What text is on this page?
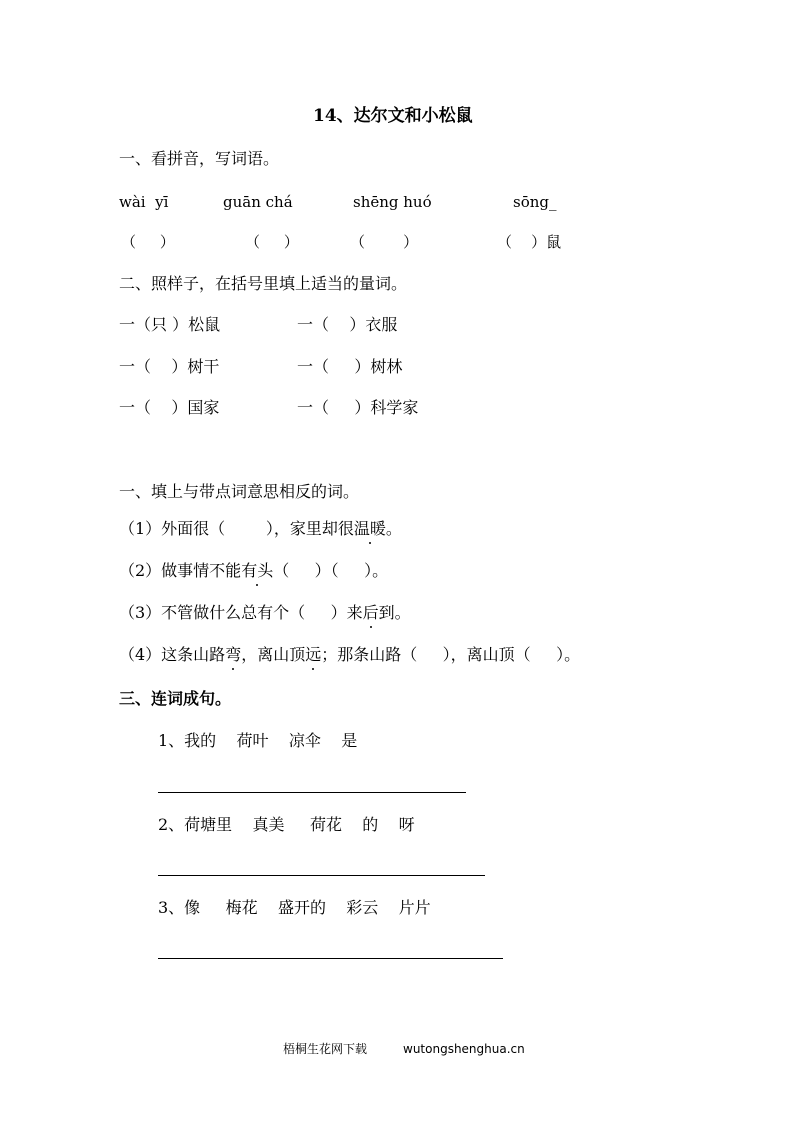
14、达尔文和小松鼠
一、看拼音，写词语。
wài  yī	guān chá	shēng huó	sōng_
（     ）	（     ）	（        ）	（    ）鼠
二、照样子，在括号里填上适当的量词。
一（只 ）松鼠	一（    ）衣服
一（    ）树干	一（     ）树林
一（    ）国家	一（     ）科学家
一、填上与带点词意思相反的词。
（1）外面很（        ），家里却很温暖。
（2）做事情不能有头（     ）（     ）。
（3）不管做什么总有个（     ）来后到。
（4）这条山路弯，离山顶远；那条山路（     ），离山顶（     ）。
三、连词成句。
1、我的    荷叶    凉伞    是
2、荷塘里    真美     荷花    的    呀
3、像     梅花    盛开的    彩云    片片
梧桐生花网下载	wutongshenghua.cn
